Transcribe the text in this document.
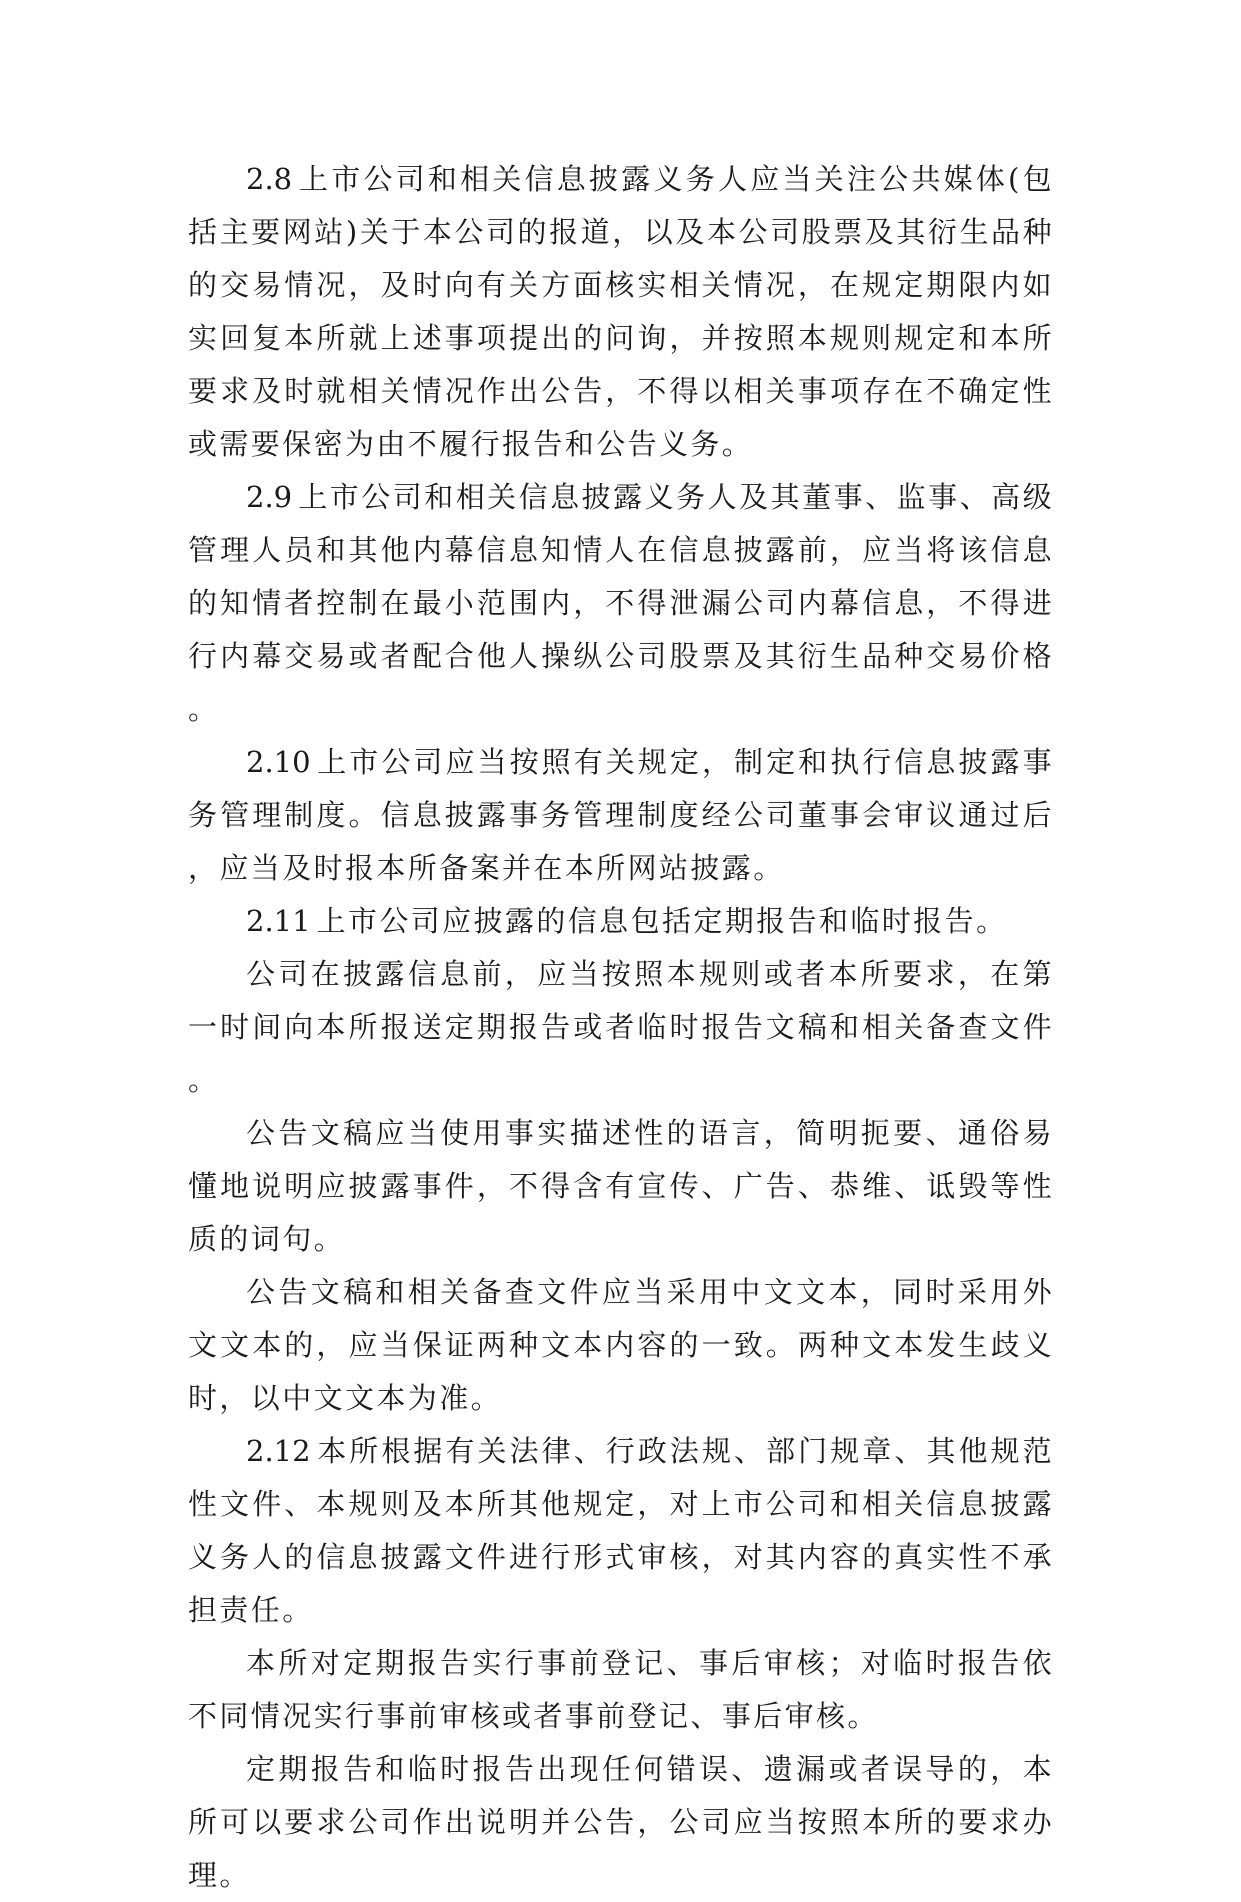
2.8 上市公司和相关信息披露义务人应当关注公共媒体(包括主要网站)关于本公司的报道，以及本公司股票及其衍生品种的交易情况，及时向有关方面核实相关情况，在规定期限内如实回复本所就上述事项提出的问询，并按照本规则规定和本所要求及时就相关情况作出公告，不得以相关事项存在不确定性或需要保密为由不履行报告和公告义务。

2.9 上市公司和相关信息披露义务人及其董事、监事、高级管理人员和其他内幕信息知情人在信息披露前，应当将该信息的知情者控制在最小范围内，不得泄漏公司内幕信息，不得进行内幕交易或者配合他人操纵公司股票及其衍生品种交易价格。

2.10 上市公司应当按照有关规定，制定和执行信息披露事务管理制度。信息披露事务管理制度经公司董事会审议通过后，应当及时报本所备案并在本所网站披露。

2.11 上市公司应披露的信息包括定期报告和临时报告。

公司在披露信息前，应当按照本规则或者本所要求，在第一时间向本所报送定期报告或者临时报告文稿和相关备查文件。

公告文稿应当使用事实描述性的语言，简明扼要、通俗易懂地说明应披露事件，不得含有宣传、广告、恭维、诋毁等性质的词句。

公告文稿和相关备查文件应当采用中文文本，同时采用外文文本的，应当保证两种文本内容的一致。两种文本发生歧义时，以中文文本为准。

2.12 本所根据有关法律、行政法规、部门规章、其他规范性文件、本规则及本所其他规定，对上市公司和相关信息披露义务人的信息披露文件进行形式审核，对其内容的真实性不承担责任。

本所对定期报告实行事前登记、事后审核；对临时报告依不同情况实行事前审核或者事前登记、事后审核。

定期报告和临时报告出现任何错误、遗漏或者误导的，本所可以要求公司作出说明并公告，公司应当按照本所的要求办理。
